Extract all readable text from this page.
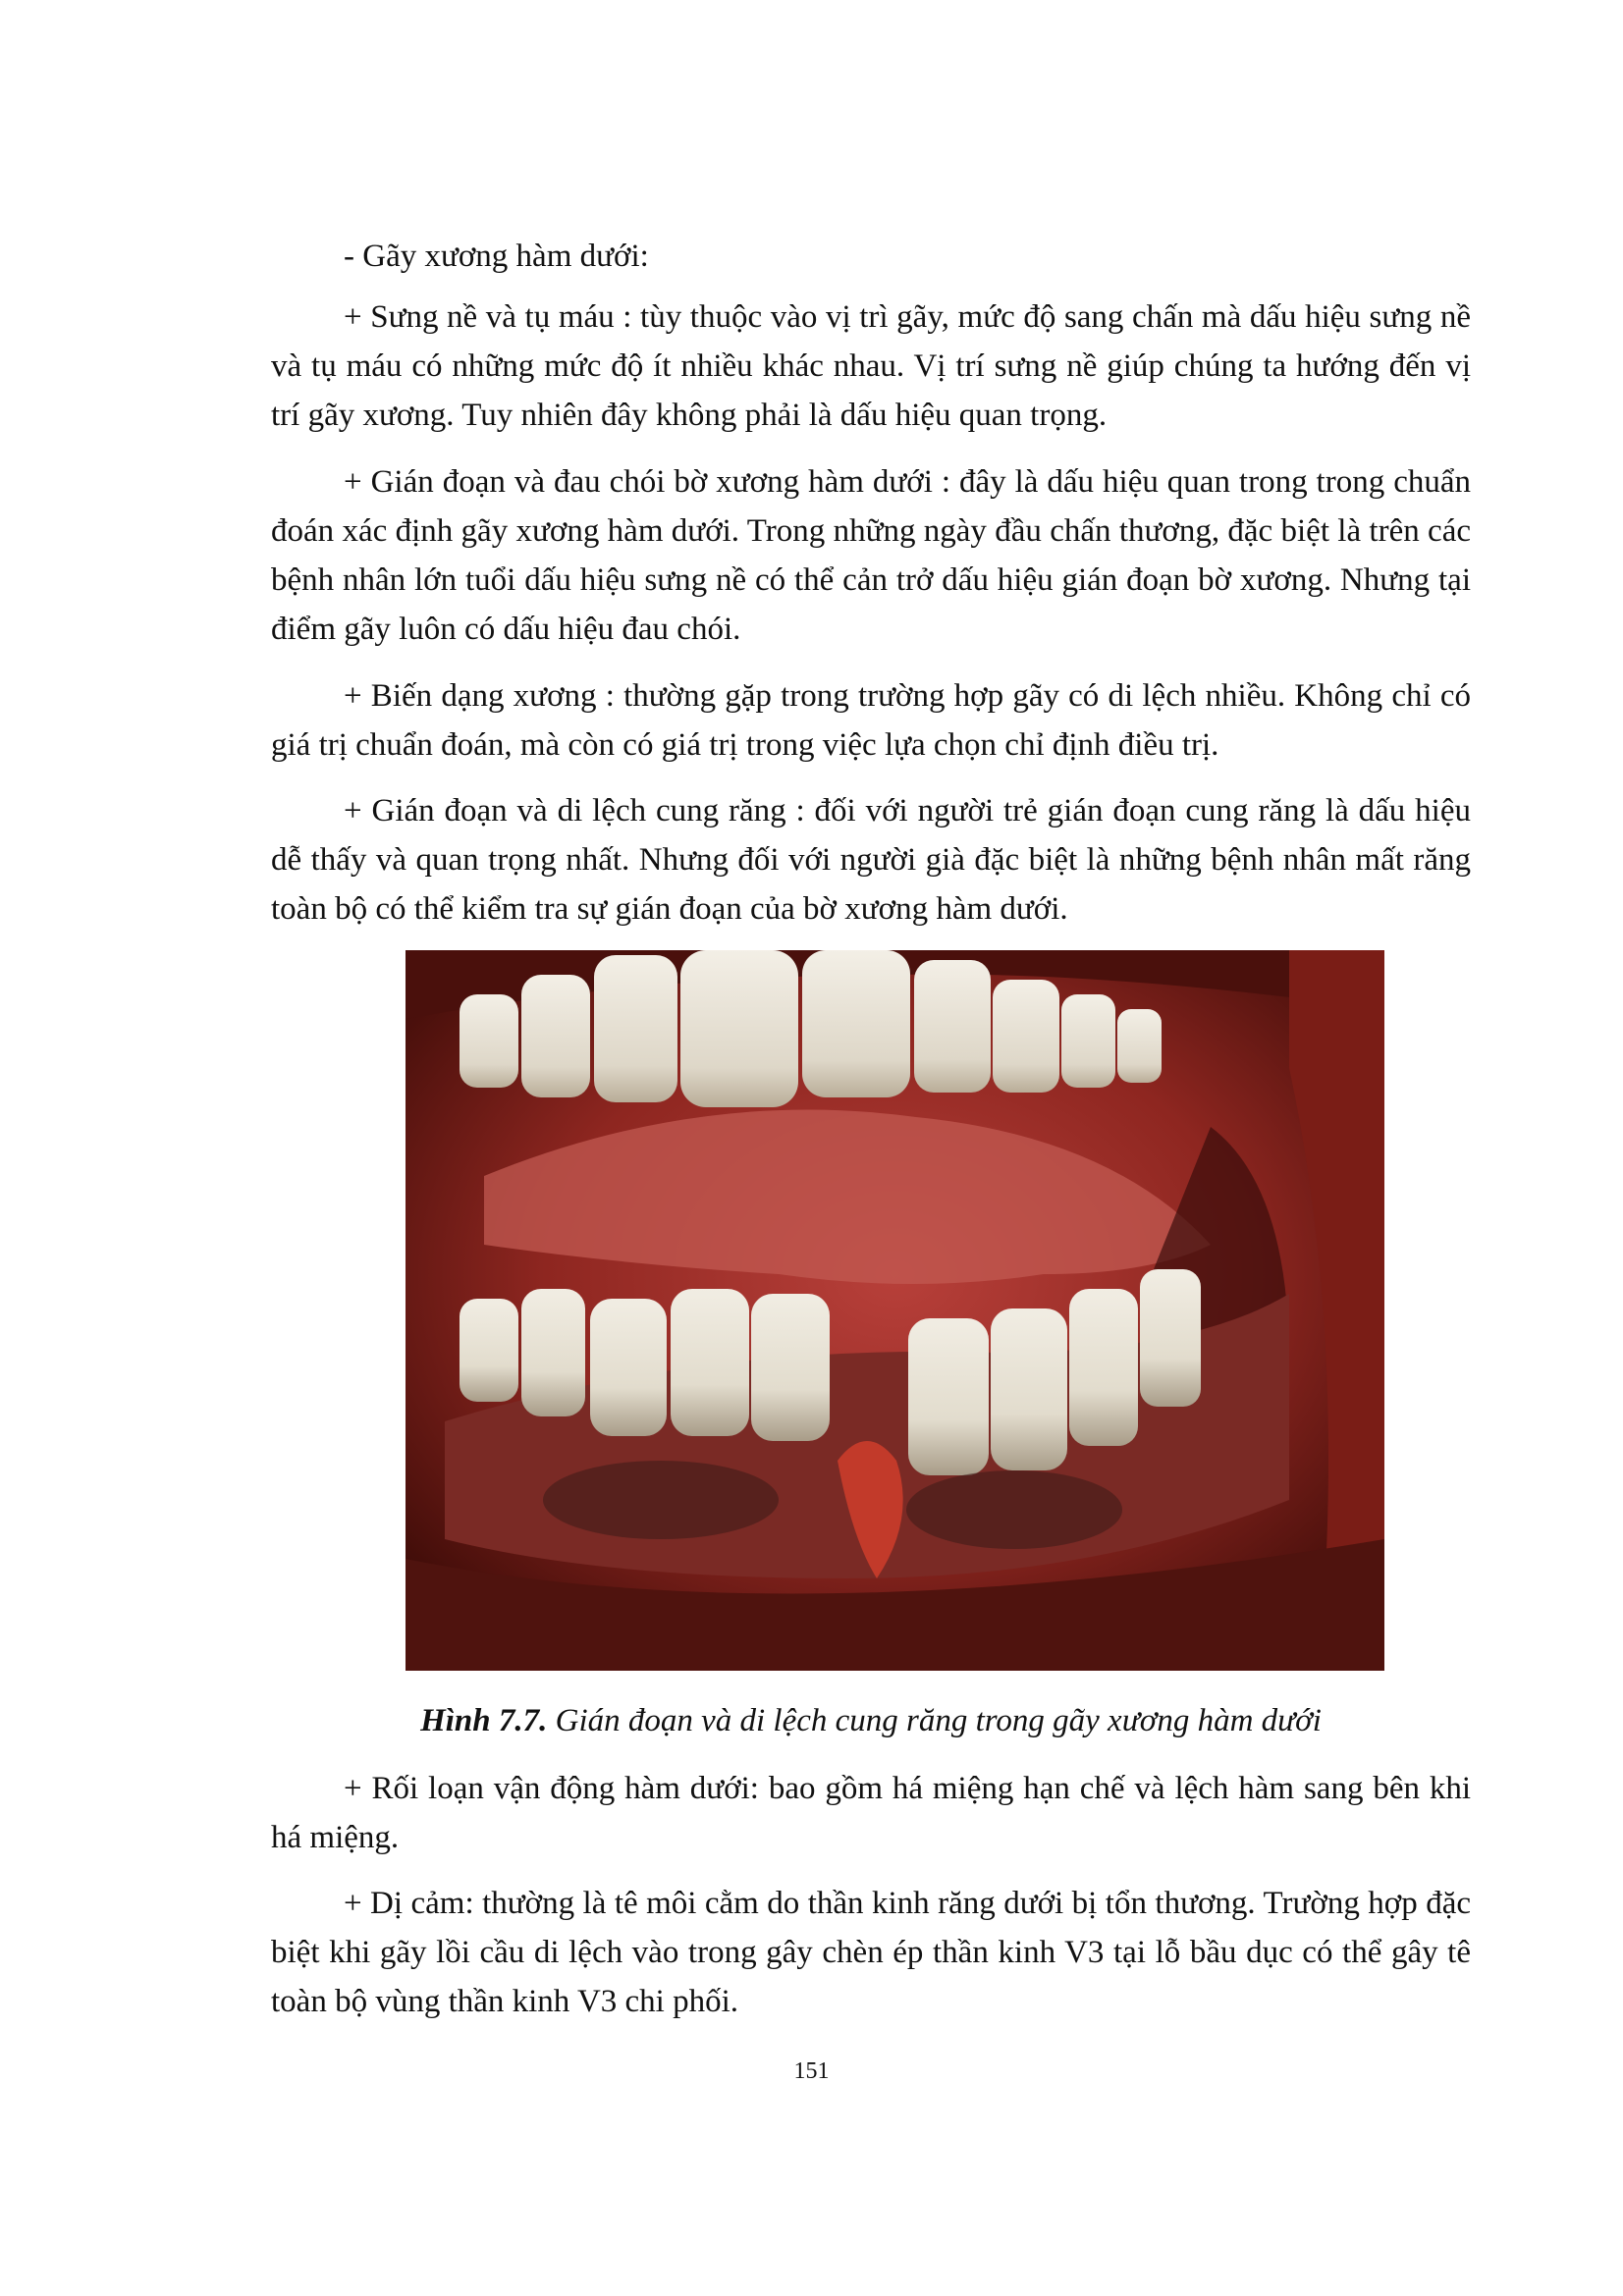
- Gãy xương hàm dưới:

+ Sưng nề và tụ máu : tùy thuộc vào vị trì gãy, mức độ sang chấn mà dấu hiệu sưng nề và tụ máu có những mức độ ít nhiều khác nhau. Vị trí sưng nề giúp chúng ta hướng đến vị trí gãy xương. Tuy nhiên đây không phải là dấu hiệu quan trọng.

+ Gián đoạn và đau chói bờ xương hàm dưới : đây là dấu hiệu quan trong trong chuẩn đoán xác định gãy xương hàm dưới. Trong những ngày đầu chấn thương, đặc biệt là trên các bệnh nhân lớn tuổi dấu hiệu sưng nề có thể cản trở dấu hiệu gián đoạn bờ xương. Nhưng tại điểm gãy luôn có dấu hiệu đau chói.

+ Biến dạng xương : thường gặp trong trường hợp gãy có di lệch nhiều. Không chỉ có giá trị chuẩn đoán, mà còn có giá trị trong việc lựa chọn chỉ định điều trị.

+ Gián đoạn và di lệch cung răng : đối với người trẻ gián đoạn cung răng là dấu hiệu dễ thấy và quan trọng nhất. Nhưng đối với người già đặc biệt là những bệnh nhân mất răng toàn bộ có thể kiểm tra sự gián đoạn của bờ xương hàm dưới.

Hình 7.7. Gián đoạn và di lệch cung răng trong gãy xương hàm dưới

+ Rối loạn vận động hàm dưới: bao gồm há miệng hạn chế và lệch hàm sang bên khi há miệng.

+ Dị cảm: thường là tê môi cằm do thần kinh răng dưới bị tổn thương. Trường hợp đặc biệt khi gãy lồi cầu di lệch vào trong gây chèn ép thần kinh V3 tại lỗ bầu dục có thể gây tê toàn bộ vùng thần kinh V3 chi phối.

151
